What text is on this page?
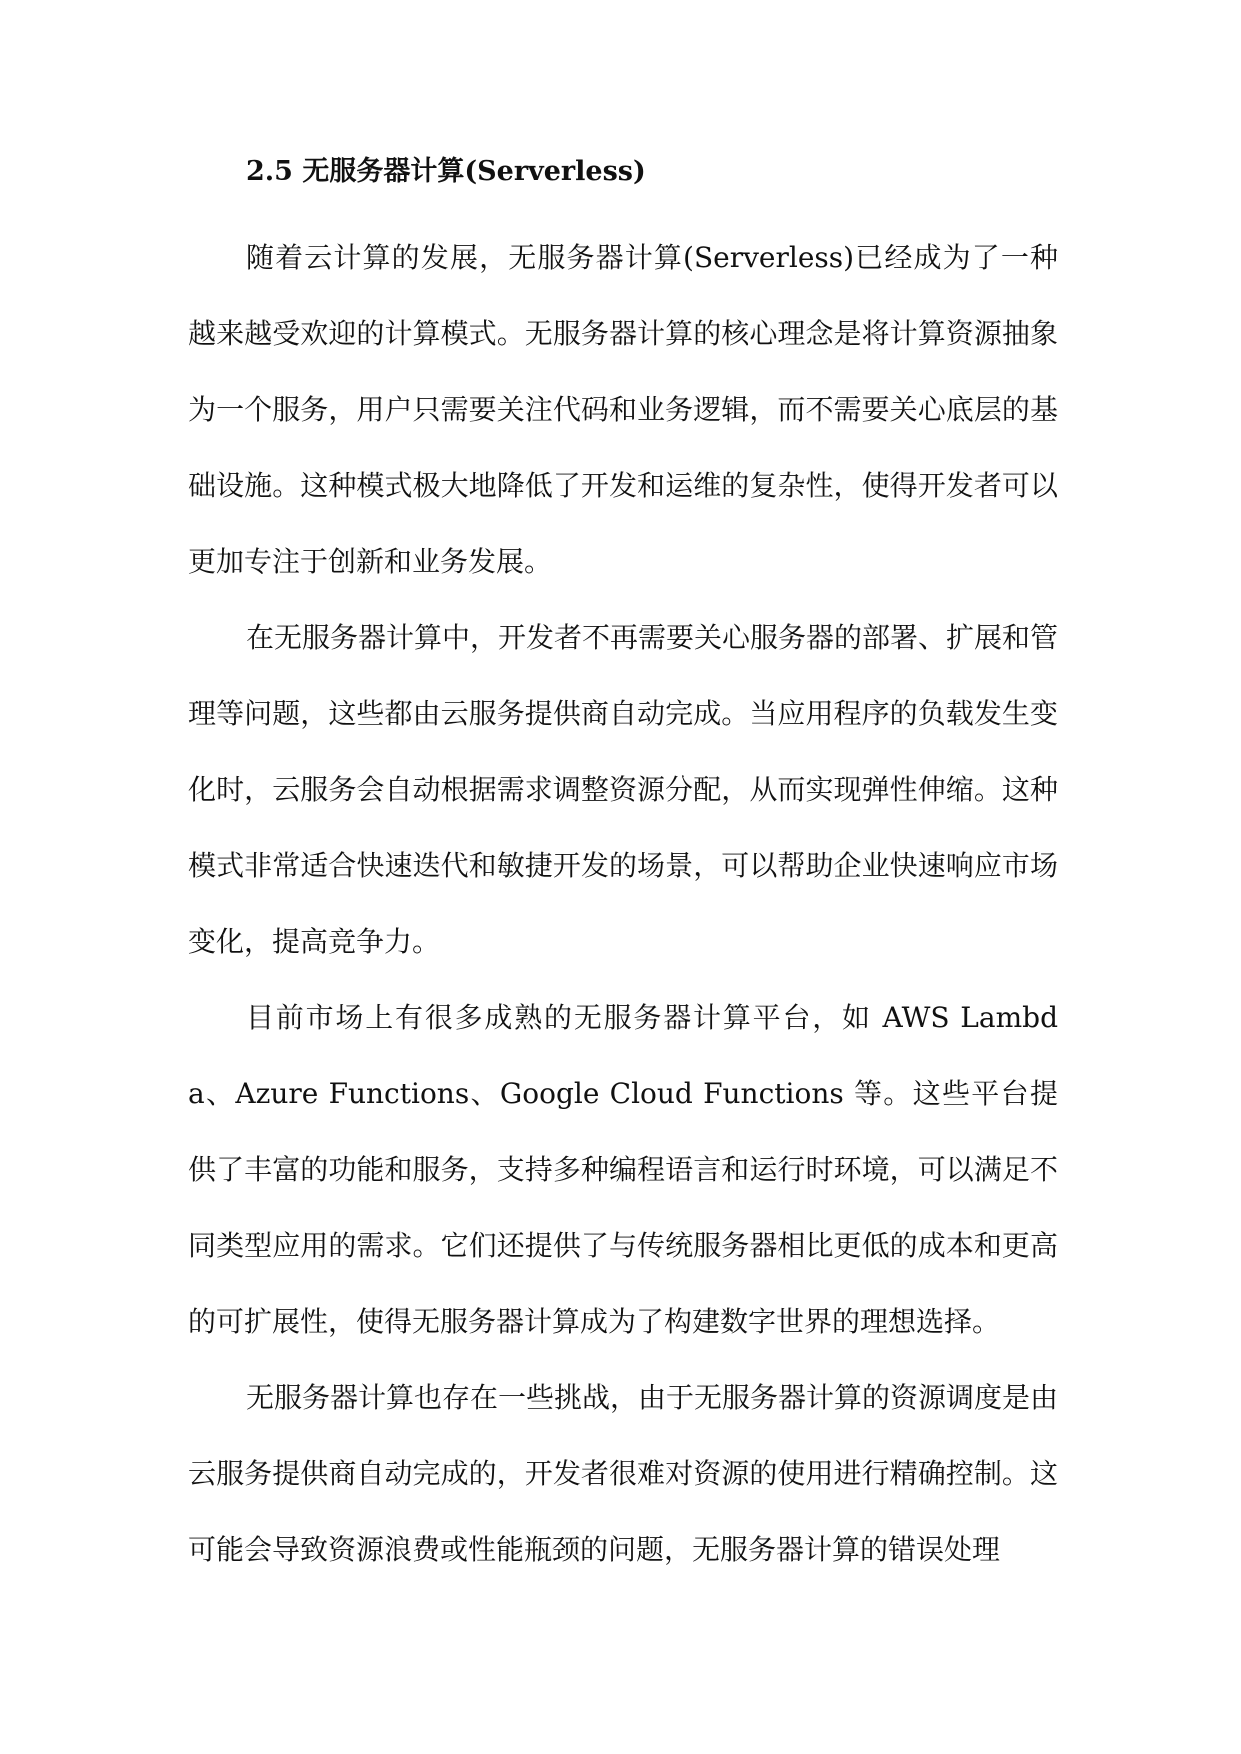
2.5 无服务器计算(Serverless)

随着云计算的发展，无服务器计算(Serverless)已经成为了一种越来越受欢迎的计算模式。无服务器计算的核心理念是将计算资源抽象为一个服务，用户只需要关注代码和业务逻辑，而不需要关心底层的基础设施。这种模式极大地降低了开发和运维的复杂性，使得开发者可以更加专注于创新和业务发展。

在无服务器计算中，开发者不再需要关心服务器的部署、扩展和管理等问题，这些都由云服务提供商自动完成。当应用程序的负载发生变化时，云服务会自动根据需求调整资源分配，从而实现弹性伸缩。这种模式非常适合快速迭代和敏捷开发的场景，可以帮助企业快速响应市场变化，提高竞争力。

目前市场上有很多成熟的无服务器计算平台，如 AWS Lambda、Azure Functions、Google Cloud Functions 等。这些平台提供了丰富的功能和服务，支持多种编程语言和运行时环境，可以满足不同类型应用的需求。它们还提供了与传统服务器相比更低的成本和更高的可扩展性，使得无服务器计算成为了构建数字世界的理想选择。

无服务器计算也存在一些挑战，由于无服务器计算的资源调度是由云服务提供商自动完成的，开发者很难对资源的使用进行精确控制。这可能会导致资源浪费或性能瓶颈的问题，无服务器计算的错误处理
